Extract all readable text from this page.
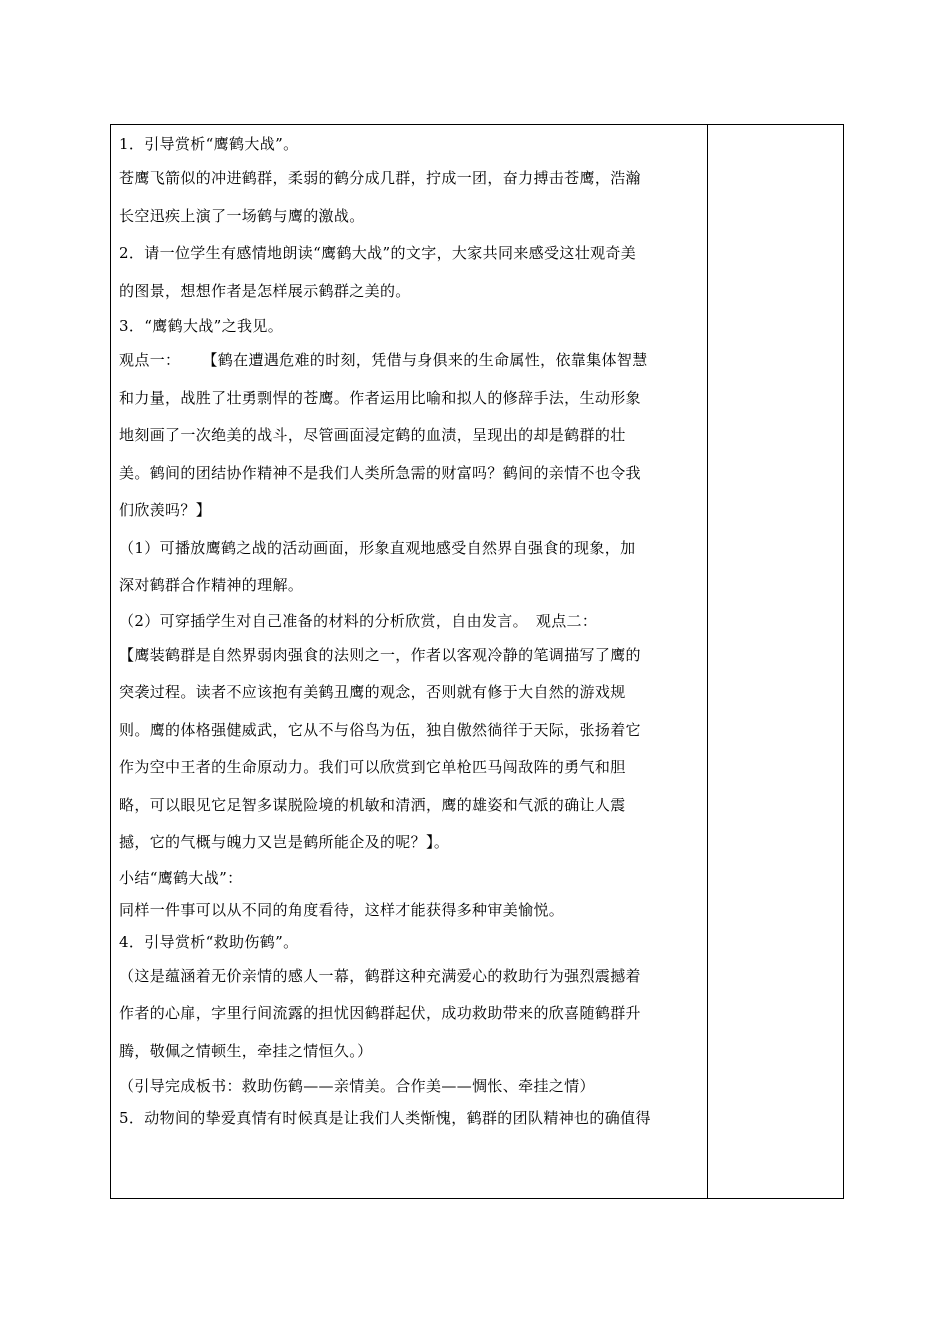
1．引导赏析“鹰鹤大战”。
苍鹰飞箭似的冲进鹤群，柔弱的鹤分成几群，拧成一团，奋力搏击苍鹰，浩瀚
长空迅疾上演了一场鹤与鹰的激战。
2．请一位学生有感情地朗读“鹰鹤大战”的文字，大家共同来感受这壮观奇美
的图景，想想作者是怎样展示鹤群之美的。
3．“鹰鹤大战”之我见。
观点一： 【鹤在遭遇危难的时刻，凭借与身俱来的生命属性，依靠集体智慧
和力量，战胜了壮勇剽悍的苍鹰。作者运用比喻和拟人的修辞手法，生动形象
地刻画了一次绝美的战斗，尽管画面浸定鹤的血渍，呈现出的却是鹤群的壮
美。鹤间的团结协作精神不是我们人类所急需的财富吗？鹤间的亲情不也令我
们欣羡吗？】
（1）可播放鹰鹤之战的活动画面，形象直观地感受自然界自强食的现象，加
深对鹤群合作精神的理解。
（2）可穿插学生对自己准备的材料的分析欣赏，自由发言。　观点二：
【鹰装鹤群是自然界弱肉强食的法则之一，作者以客观冷静的笔调描写了鹰的
突袭过程。读者不应该抱有美鹤丑鹰的观念，否则就有修于大自然的游戏规
则。鹰的体格强健威武，它从不与俗鸟为伍，独自傲然徜徉于天际，张扬着它
作为空中王者的生命原动力。我们可以欣赏到它单枪匹马闯敌阵的勇气和胆
略，可以眼见它足智多谋脱险境的机敏和清洒，鹰的雄姿和气派的确让人震
撼，它的气概与魄力又岂是鹤所能企及的呢？】。
小结“鹰鹤大战”：
同样一件事可以从不同的角度看待，这样才能获得多种审美愉悦。
4．引导赏析“救助伤鹤”。
（这是蕴涵着无价亲情的感人一幕，鹤群这种充满爱心的救助行为强烈震撼着
作者的心扉，字里行间流露的担忧因鹤群起伏，成功救助带来的欣喜随鹤群升
腾，敬佩之情顿生，牵挂之情恒久。）
（引导完成板书：救助伤鹤——亲情美。合作美——惆怅、牵挂之情）
5．动物间的挚爱真情有时候真是让我们人类惭愧，鹤群的团队精神也的确值得
